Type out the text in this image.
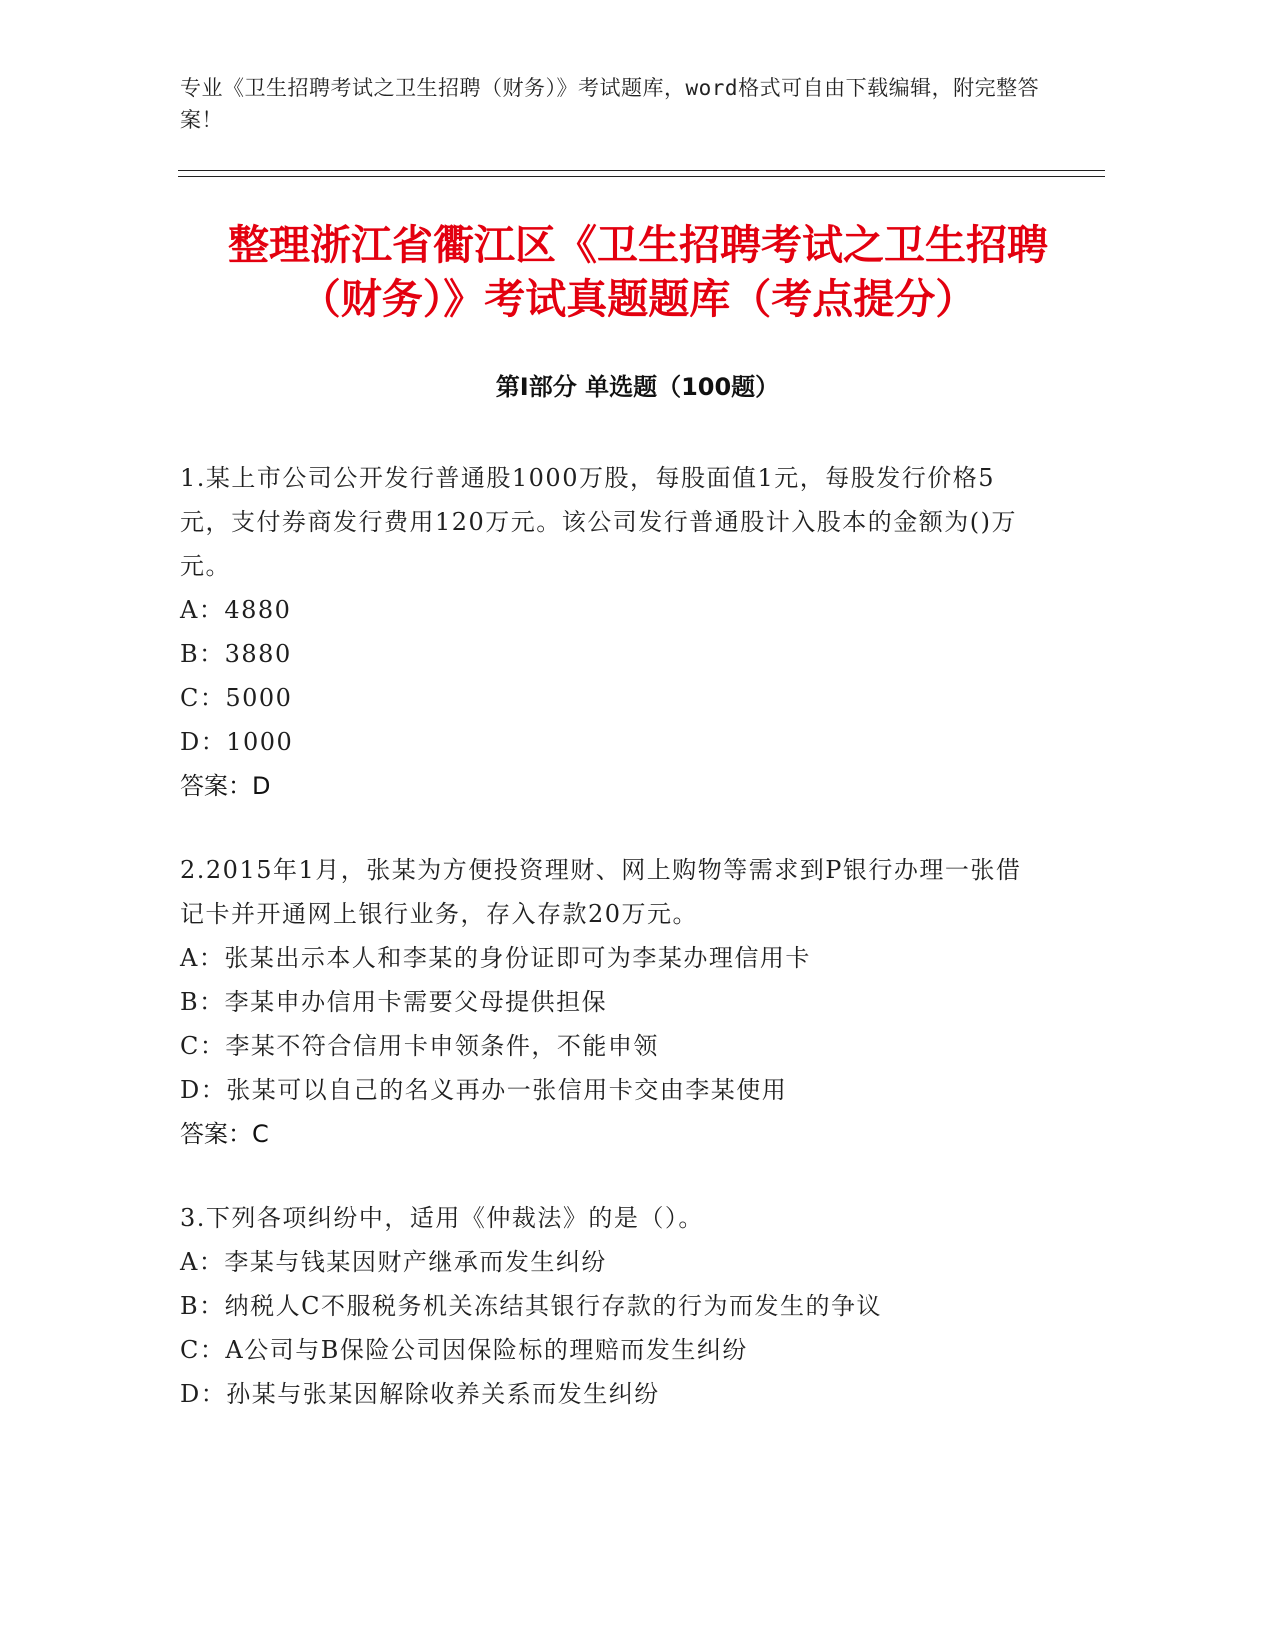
专业《卫生招聘考试之卫生招聘（财务）》考试题库，word格式可自由下载编辑，附完整答案！
整理浙江省衢江区《卫生招聘考试之卫生招聘（财务）》考试真题题库（考点提分）
第Ⅰ部分 单选题（100题）
1.某上市公司公开发行普通股1000万股，每股面值1元，每股发行价格5元，支付券商发行费用120万元。该公司发行普通股计入股本的金额为()万元。
A：4880
B：3880
C：5000
D：1000
答案：D
2.2015年1月，张某为方便投资理财、网上购物等需求到P银行办理一张借记卡并开通网上银行业务，存入存款20万元。
A：张某出示本人和李某的身份证即可为李某办理信用卡
B：李某申办信用卡需要父母提供担保
C：李某不符合信用卡申领条件，不能申领
D：张某可以自己的名义再办一张信用卡交由李某使用
答案：C
3.下列各项纠纷中，适用《仲裁法》的是（）。
A：李某与钱某因财产继承而发生纠纷
B：纳税人C不服税务机关冻结其银行存款的行为而发生的争议
C：A公司与B保险公司因保险标的理赔而发生纠纷
D：孙某与张某因解除收养关系而发生纠纷
